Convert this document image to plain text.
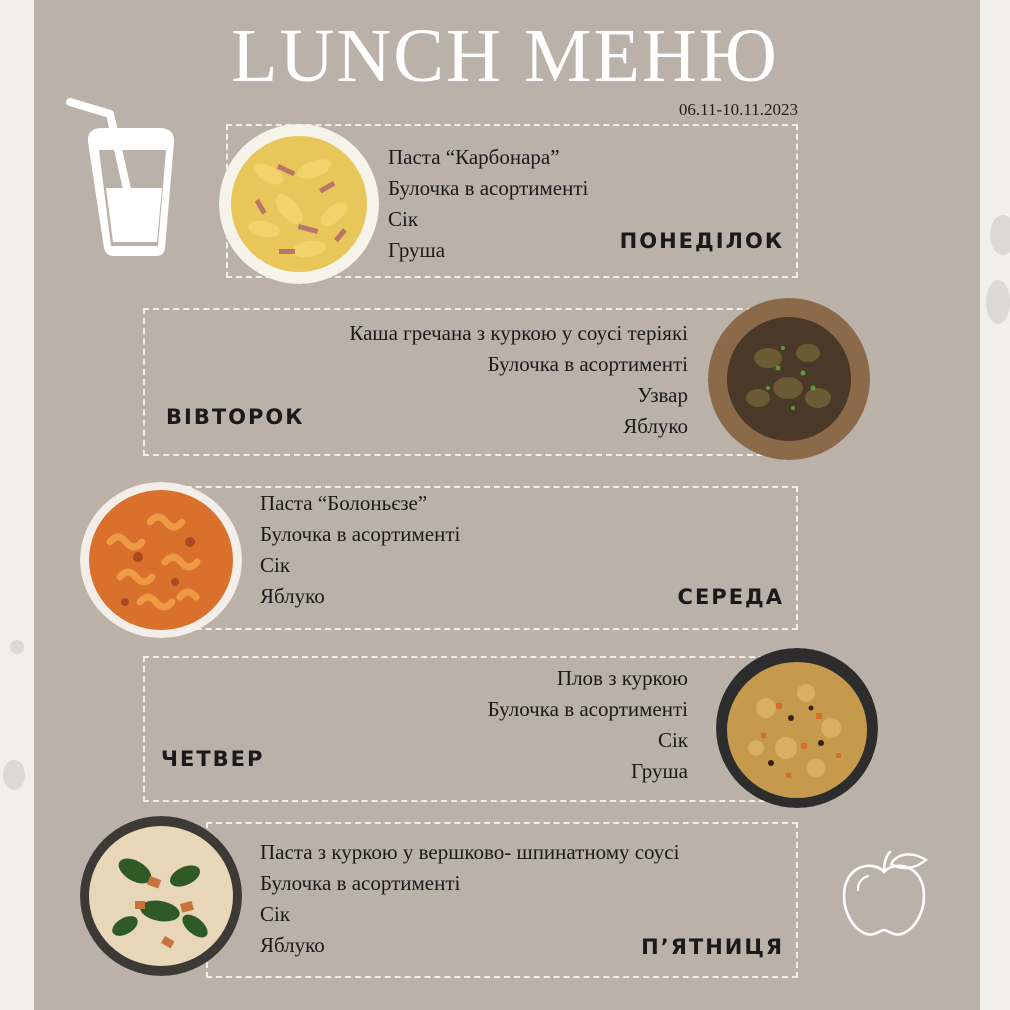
LUNCH МЕНЮ
06.11-10.11.2023
Паста “Карбонара”
Булочка в асортименті
Сік
Груша	ПОНЕДІЛОК
Каша гречана з куркою у соусі теріякі
Булочка в асортименті
Узвар
Яблуко
ВІВТОРОК
Паста “Болоньєзе”
Булочка в асортименті
Сік
Яблуко	СЕРЕДА
Плов з куркою
Булочка в асортименті
Сік
Груша
ЧЕТВЕР
Паста з куркою у вершково- шпинатному соусі
Булочка в асортименті
Сік
Яблуко	П’ЯТНИЦЯ
